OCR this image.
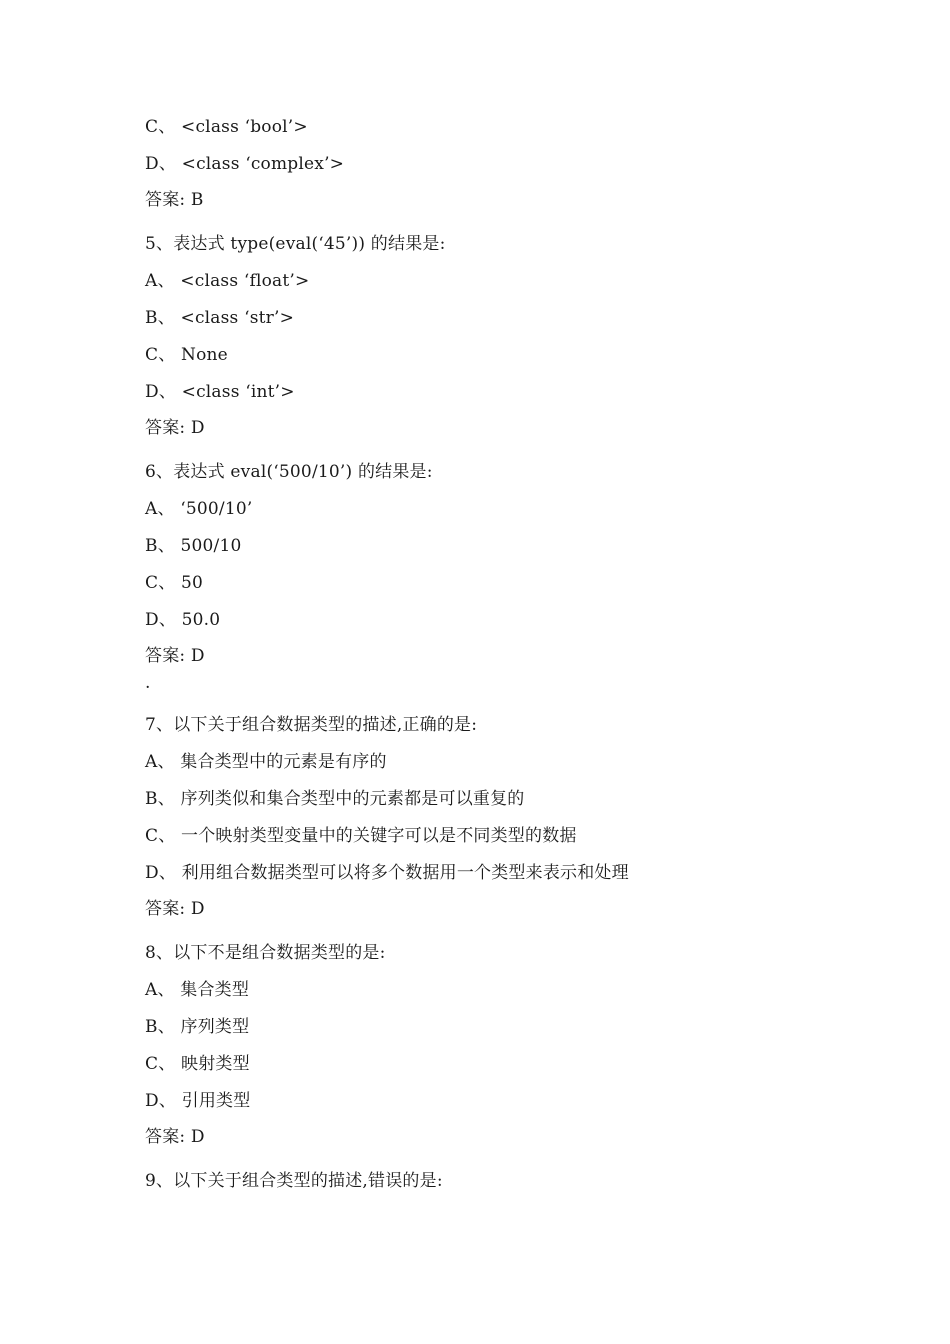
C、 <class ‘bool’>
D、 <class ‘complex’>
答案: B
5、表达式 type(eval(‘45’)) 的结果是:
A、 <class ‘float’>
B、 <class ‘str’>
C、 None
D、 <class ‘int’>
答案: D
6、表达式 eval(‘500/10’) 的结果是:
A、 ‘500/10’
B、 500/10
C、 50
D、 50.0
答案: D
.
7、以下关于组合数据类型的描述,正确的是:
A、 集合类型中的元素是有序的
B、 序列类似和集合类型中的元素都是可以重复的
C、 一个映射类型变量中的关键字可以是不同类型的数据
D、 利用组合数据类型可以将多个数据用一个类型来表示和处理
答案: D
8、以下不是组合数据类型的是:
A、 集合类型
B、 序列类型
C、 映射类型
D、 引用类型
答案: D
9、以下关于组合类型的描述,错误的是:
